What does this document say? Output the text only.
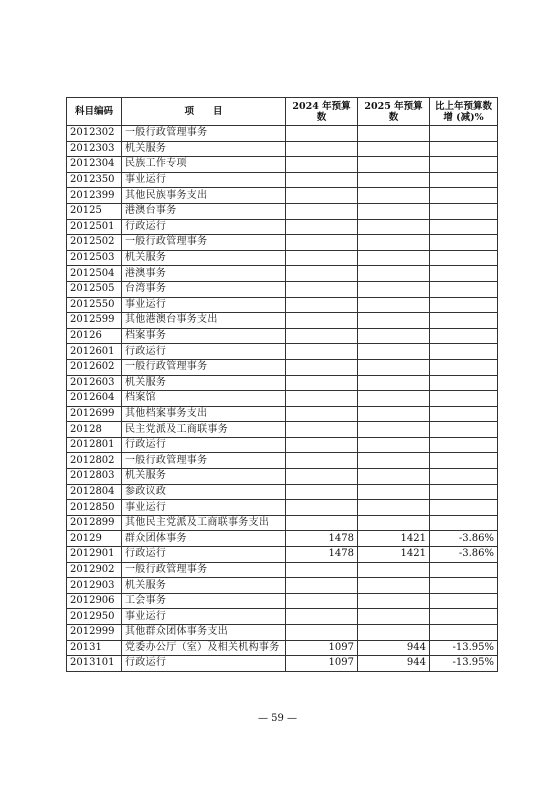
科目编码	项　　目	2024 年预算数	2025 年预算数	比上年预算数增 (减)%
2012302	一般行政管理事务			
2012303	机关服务			
2012304	民族工作专项			
2012350	事业运行			
2012399	其他民族事务支出			
20125	港澳台事务			
2012501	行政运行			
2012502	一般行政管理事务			
2012503	机关服务			
2012504	港澳事务			
2012505	台湾事务			
2012550	事业运行			
2012599	其他港澳台事务支出			
20126	档案事务			
2012601	行政运行			
2012602	一般行政管理事务			
2012603	机关服务			
2012604	档案馆			
2012699	其他档案事务支出			
20128	民主党派及工商联事务			
2012801	行政运行			
2012802	一般行政管理事务			
2012803	机关服务			
2012804	参政议政			
2012850	事业运行			
2012899	其他民主党派及工商联事务支出			
20129	群众团体事务	1478	1421	-3.86%
2012901	行政运行	1478	1421	-3.86%
2012902	一般行政管理事务			
2012903	机关服务			
2012906	工会事务			
2012950	事业运行			
2012999	其他群众团体事务支出			
20131	党委办公厅（室）及相关机构事务	1097	944	-13.95%
2013101	行政运行	1097	944	-13.95%
— 59 —
